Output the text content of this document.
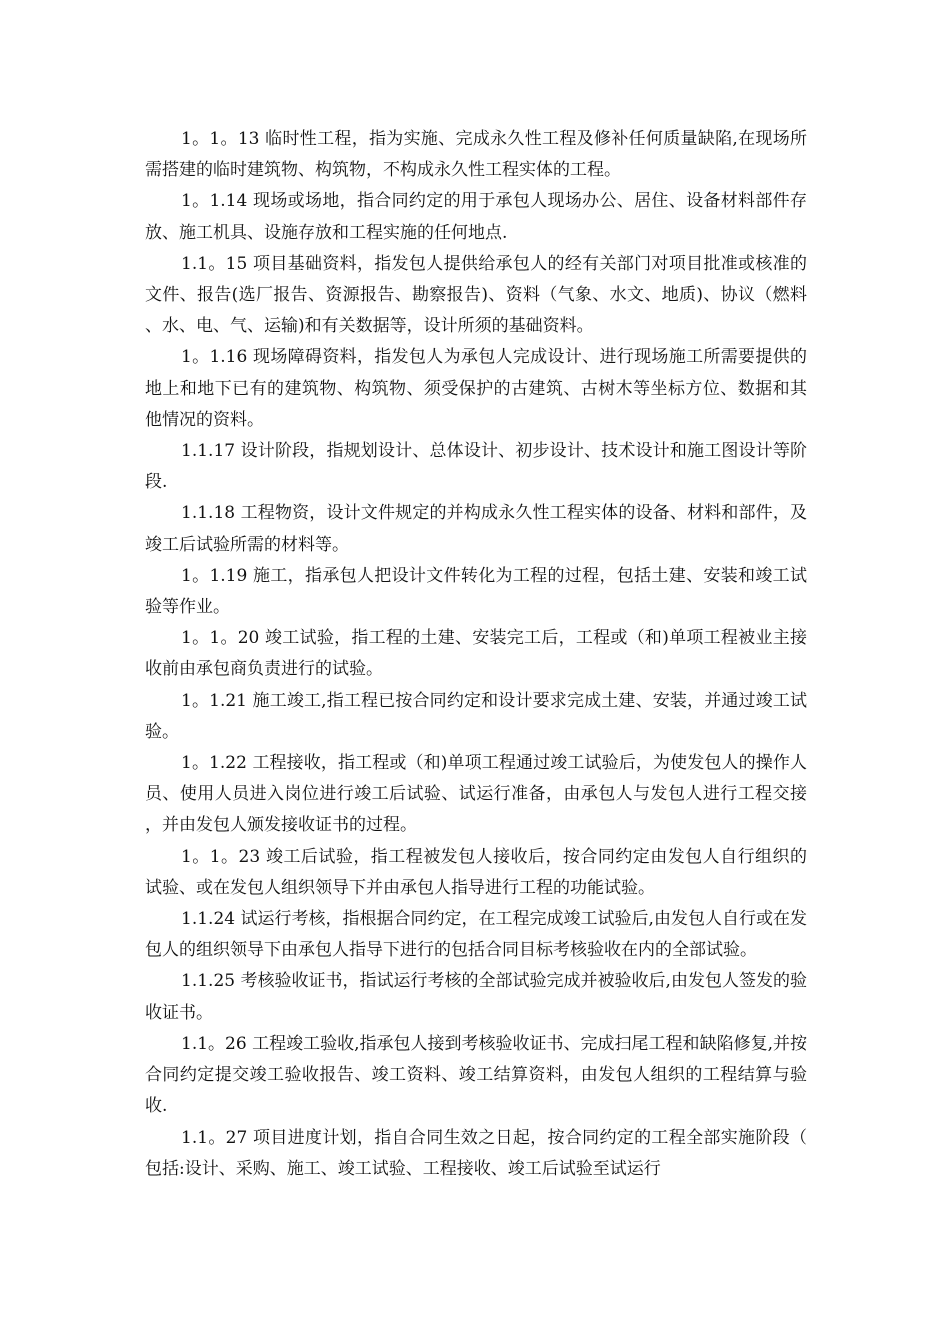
1。1。13 临时性工程，指为实施、完成永久性工程及修补任何质量缺陷,在现场所需搭建的临时建筑物、构筑物，不构成永久性工程实体的工程。

1。1.14 现场或场地，指合同约定的用于承包人现场办公、居住、设备材料部件存放、施工机具、设施存放和工程实施的任何地点.

1.1。15 项目基础资料，指发包人提供给承包人的经有关部门对项目批准或核准的文件、报告(选厂报告、资源报告、勘察报告)、资料（气象、水文、地质)、协议（燃料、水、电、气、运输)和有关数据等，设计所须的基础资料。

1。1.16 现场障碍资料，指发包人为承包人完成设计、进行现场施工所需要提供的地上和地下已有的建筑物、构筑物、须受保护的古建筑、古树木等坐标方位、数据和其他情况的资料。

1.1.17 设计阶段，指规划设计、总体设计、初步设计、技术设计和施工图设计等阶段.

1.1.18 工程物资，设计文件规定的并构成永久性工程实体的设备、材料和部件，及竣工后试验所需的材料等。

1。1.19 施工，指承包人把设计文件转化为工程的过程，包括土建、安装和竣工试验等作业。

1。1。20 竣工试验，指工程的土建、安装完工后，工程或（和)单项工程被业主接收前由承包商负责进行的试验。

1。1.21 施工竣工,指工程已按合同约定和设计要求完成土建、安装，并通过竣工试验。

1。1.22 工程接收，指工程或（和)单项工程通过竣工试验后，为使发包人的操作人员、使用人员进入岗位进行竣工后试验、试运行准备，由承包人与发包人进行工程交接，并由发包人颁发接收证书的过程。

1。1。23 竣工后试验，指工程被发包人接收后，按合同约定由发包人自行组织的试验、或在发包人组织领导下并由承包人指导进行工程的功能试验。

1.1.24 试运行考核，指根据合同约定，在工程完成竣工试验后,由发包人自行或在发包人的组织领导下由承包人指导下进行的包括合同目标考核验收在内的全部试验。

1.1.25 考核验收证书，指试运行考核的全部试验完成并被验收后,由发包人签发的验收证书。

1.1。26 工程竣工验收,指承包人接到考核验收证书、完成扫尾工程和缺陷修复,并按合同约定提交竣工验收报告、竣工资料、竣工结算资料，由发包人组织的工程结算与验收.

1.1。27 项目进度计划，指自合同生效之日起，按合同约定的工程全部实施阶段（包括:设计、采购、施工、竣工试验、工程接收、竣工后试验至试运行
